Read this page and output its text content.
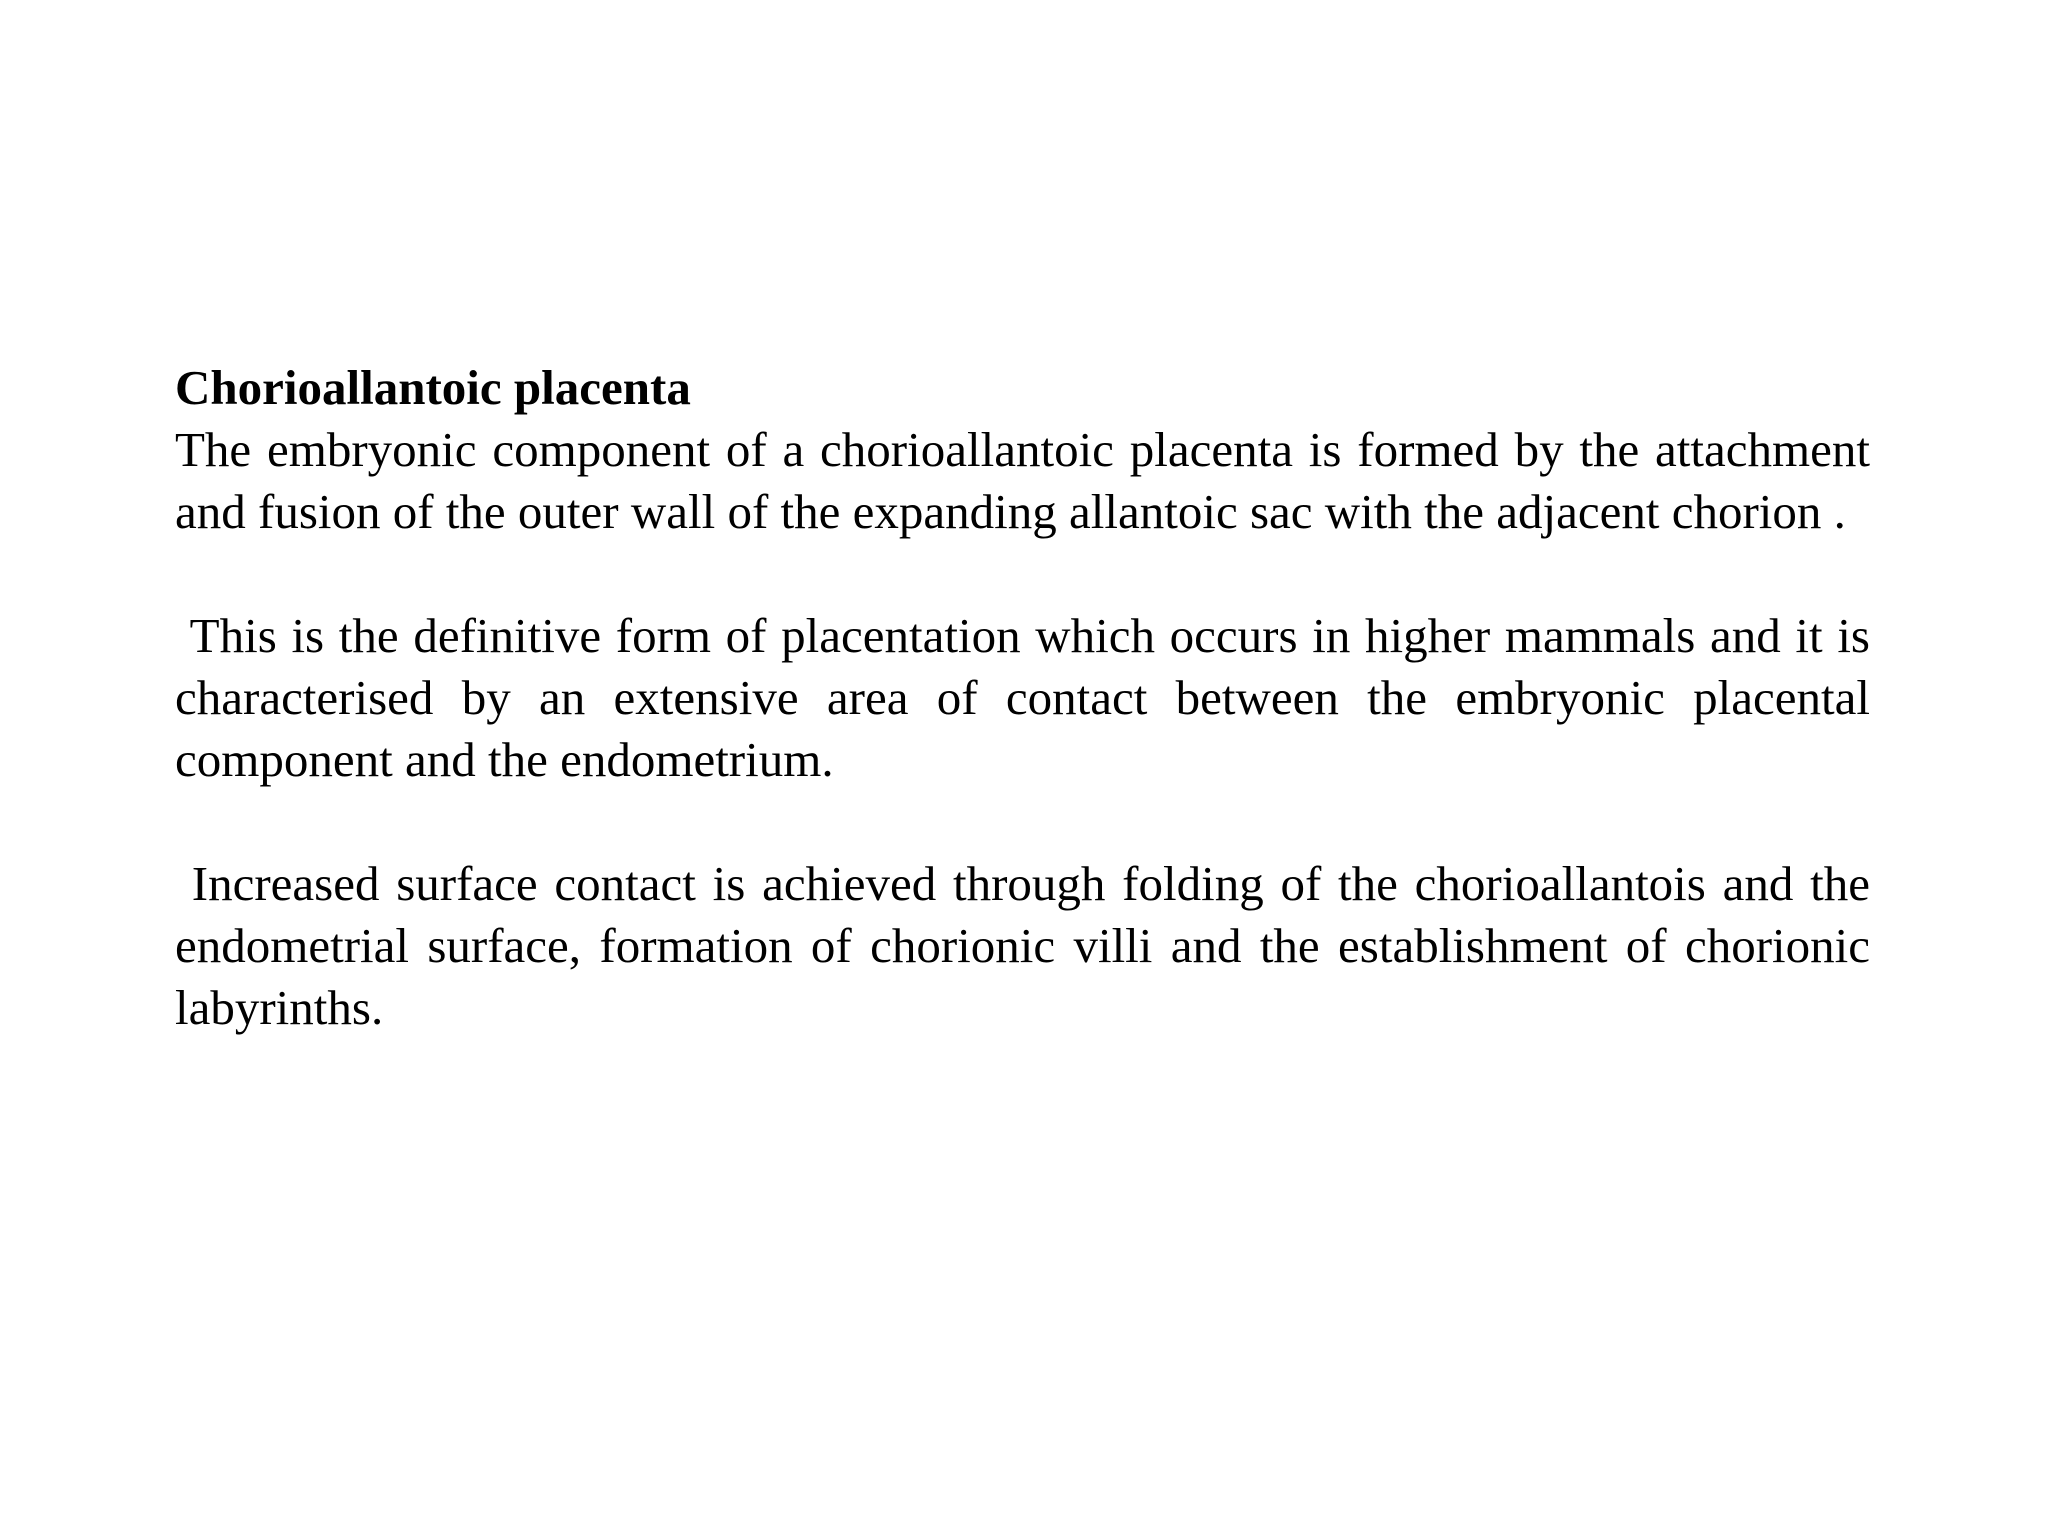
Chorioallantoic placenta

The embryonic component of a chorioallantoic placenta is formed by the attachment and fusion of the outer wall of the expanding allantoic sac with the adjacent chorion .

This is the definitive form of placentation which occurs in higher mammals and it is characterised by an extensive area of contact between the embryonic placental component and the endometrium.

Increased surface contact is achieved through folding of the chorioallantois and the endometrial surface, formation of chorionic villi and the establishment of chorionic labyrinths.
